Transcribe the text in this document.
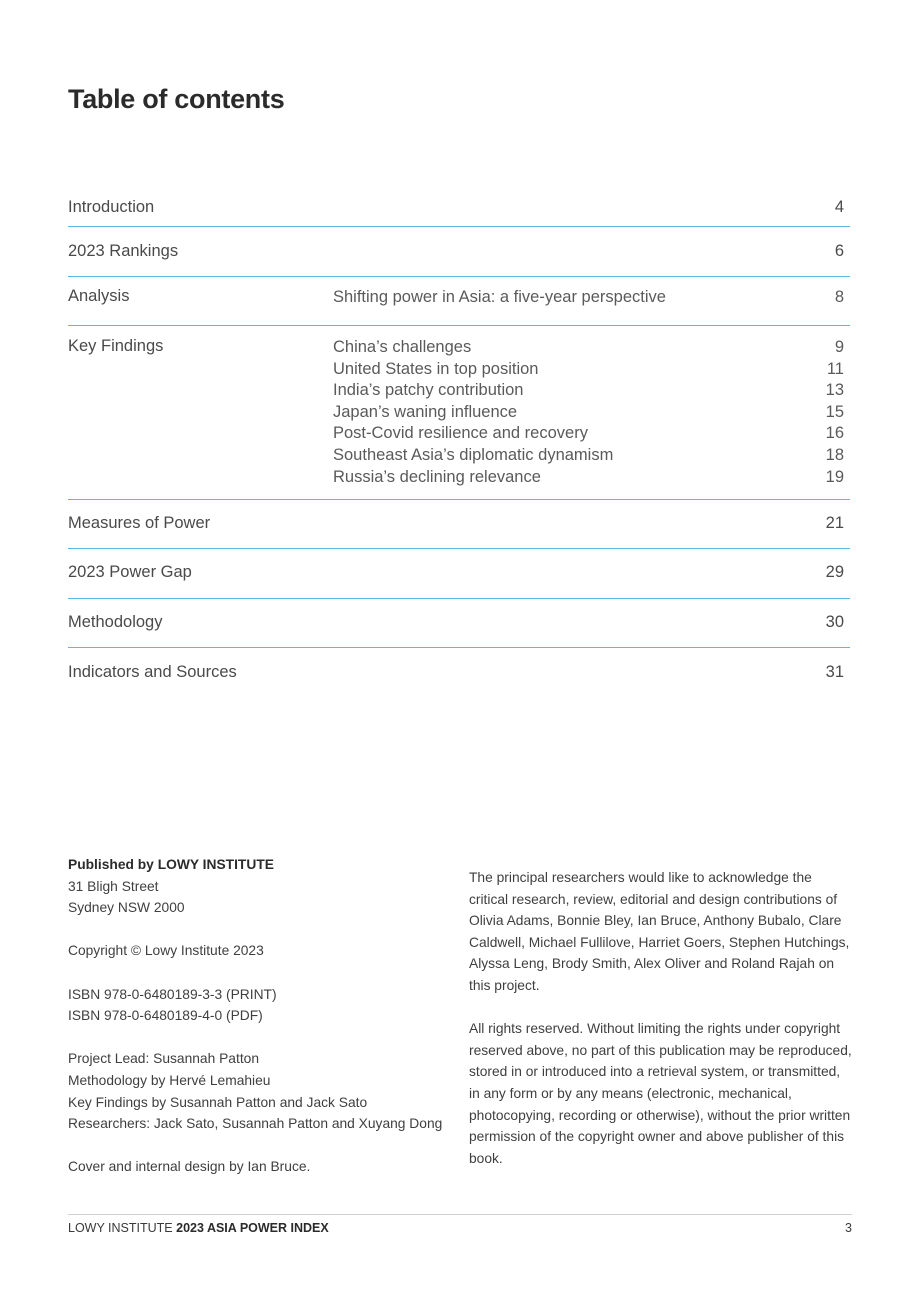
Table of contents
Introduction	4
2023 Rankings	6
Analysis	Shifting power in Asia: a five-year perspective	8
Key Findings	China’s challenges	9
United States in top position	11
India’s patchy contribution	13
Japan’s waning influence	15
Post-Covid resilience and recovery	16
Southeast Asia’s diplomatic dynamism	18
Russia’s declining relevance	19
Measures of Power	21
2023 Power Gap	29
Methodology	30
Indicators and Sources	31
Published by LOWY INSTITUTE
31 Bligh Street
Sydney NSW 2000
Copyright © Lowy Institute 2023
ISBN 978-0-6480189-3-3 (PRINT)
ISBN 978-0-6480189-4-0 (PDF)
Project Lead: Susannah Patton
Methodology by Hervé Lemahieu
Key Findings by Susannah Patton and Jack Sato
Researchers: Jack Sato, Susannah Patton and Xuyang Dong
Cover and internal design by Ian Bruce.

The principal researchers would like to acknowledge the critical research, review, editorial and design contributions of Olivia Adams, Bonnie Bley, Ian Bruce, Anthony Bubalo, Clare Caldwell, Michael Fullilove, Harriet Goers, Stephen Hutchings, Alyssa Leng, Brody Smith, Alex Oliver and Roland Rajah on this project.

All rights reserved. Without limiting the rights under copyright reserved above, no part of this publication may be reproduced, stored in or introduced into a retrieval system, or transmitted, in any form or by any means (electronic, mechanical, photocopying, recording or otherwise), without the prior written permission of the copyright owner and above publisher of this book.

LOWY INSTITUTE 2023 ASIA POWER INDEX	3
